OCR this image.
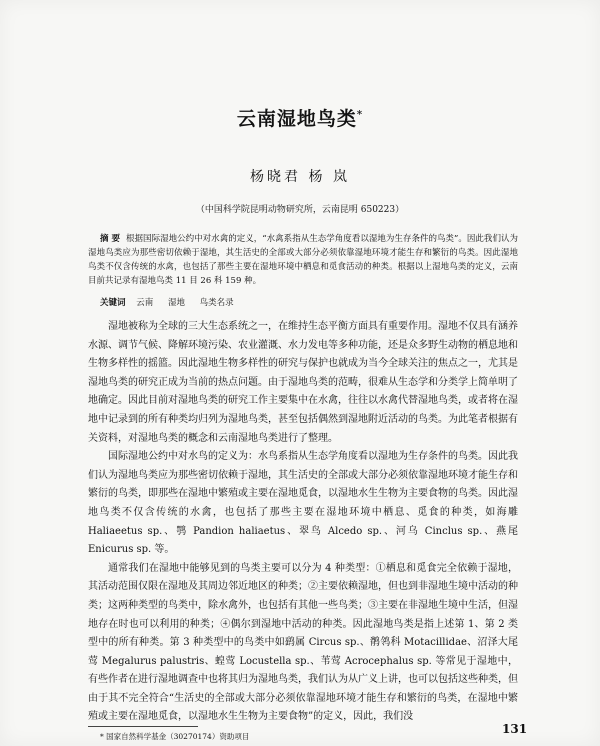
云南湿地鸟类*
杨晓君 杨 岚
（中国科学院昆明动物研究所，云南昆明 650223）
摘 要 根据国际湿地公约中对水禽的定义，“水禽系指从生态学角度看以湿地为生存条件的鸟类”。因此我们认为湿地鸟类应为那些密切依赖于湿地，其生活史的全部或大部分必须依靠湿地环境才能生存和繁衍的鸟类。因此湿地鸟类不仅含传统的水禽，也包括了那些主要在湿地环境中栖息和觅食活动的种类。根据以上湿地鸟类的定义，云南目前共记录有湿地鸟类 11 目 26 科 159 种。
关键词 云南 湿地 鸟类名录

湿地被称为全球的三大生态系统之一，在维持生态平衡方面具有重要作用。湿地不仅具有涵养水源、调节气候、降解环境污染、农业灌溉、水力发电等多种功能，还是众多野生动物的栖息地和生物多样性的摇篮。因此湿地生物多样性的研究与保护也就成为当今全球关注的焦点之一，尤其是湿地鸟类的研究正成为当前的热点问题。由于湿地鸟类的范畴，很难从生态学和分类学上简单明了地确定。因此目前对湿地鸟类的研究工作主要集中在水禽，往往以水禽代替湿地鸟类，或者将在湿地中记录到的所有种类均归列为湿地鸟类，甚至包括偶然到湿地附近活动的鸟类。为此笔者根据有关资料，对湿地鸟类的概念和云南湿地鸟类进行了整理。

国际湿地公约中对水鸟的定义为：水鸟系指从生态学角度看以湿地为生存条件的鸟类。因此我们认为湿地鸟类应为那些密切依赖于湿地，其生活史的全部或大部分必须依靠湿地环境才能生存和繁衍的鸟类，即那些在湿地中繁殖或主要在湿地觅食，以湿地水生生物为主要食物的鸟类。因此湿地鸟类不仅含传统的水禽，也包括了那些主要在湿地环境中栖息、觅食的种类，如海雕 Haliaeetus sp.、鹗 Pandion haliaetus、翠鸟 Alcedo sp.、河乌 Cinclus sp.、燕尾 Enicurus sp. 等。

通常我们在湿地中能够见到的鸟类主要可以分为 4 种类型：①栖息和觅食完全依赖于湿地，其活动范围仅限在湿地及其周边邻近地区的种类；②主要依赖湿地，但也到非湿地生境中活动的种类；这两种类型的鸟类中，除水禽外，也包括有其他一些鸟类；③主要在非湿地生境中生活，但湿地存在时也可以利用的种类；④偶尔到湿地中活动的种类。因此湿地鸟类是指上述第 1、第 2 类型中的所有种类。第 3 种类型中的鸟类中如鹞属 Circus sp.、鹡鸰科 Motacillidae、沼泽大尾莺 Megalurus palustris、蝗莺 Locustella sp.、苇莺 Acrocephalus sp. 等常见于湿地中，有些作者在进行湿地调查中也将其归为湿地鸟类，我们认为从广义上讲，也可以包括这些种类，但由于其不完全符合“生活史的全部或大部分必须依靠湿地环境才能生存和繁衍的鸟类，在湿地中繁殖或主要在湿地觅食，以湿地水生生物为主要食物”的定义，因此，我们没

* 国家自然科学基金（30270174）资助项目
131
